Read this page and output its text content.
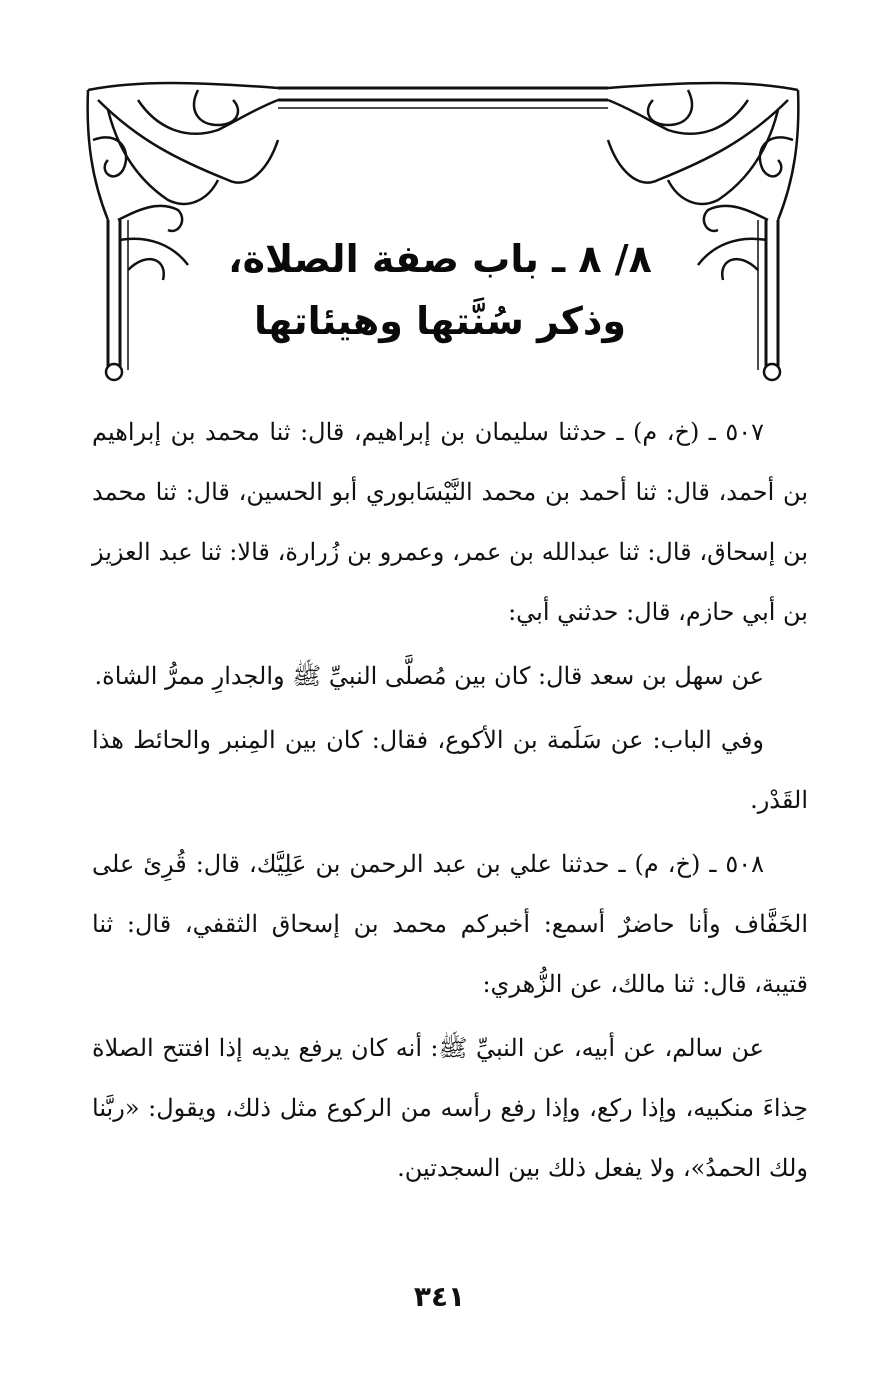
٨/ ٨ ـ باب صفة الصلاة،
وذكر سُنَّتها وهيئاتها

٥٠٧ ـ (خ، م) ـ حدثنا سليمان بن إبراهيم، قال: ثنا محمد بن إبراهيم بن أحمد، قال: ثنا أحمد بن محمد النَّيْسَابوري أبو الحسين، قال: ثنا محمد بن إسحاق، قال: ثنا عبدالله بن عمر، وعمرو بن زُرارة، قالا: ثنا عبد العزيز بن أبي حازم، قال: حدثني أبي:

عن سهل بن سعد قال: كان بين مُصلَّى النبيِّ ﷺ والجدارِ ممرُّ الشاة.

وفي الباب: عن سَلَمة بن الأكوع، فقال: كان بين المِنبر والحائط هذا القَدْر.

٥٠٨ ـ (خ، م) ـ حدثنا علي بن عبد الرحمن بن عَلِيَّك، قال: قُرِئ على الخَفَّاف وأنا حاضرٌ أسمع: أخبركم محمد بن إسحاق الثقفي، قال: ثنا قتيبة، قال: ثنا مالك، عن الزُّهري:

عن سالم، عن أبيه، عن النبيِّ ﷺ: أنه كان يرفع يديه إذا افتتح الصلاة حِذاءَ منكبيه، وإذا ركع، وإذا رفع رأسه من الركوع مثل ذلك، ويقول: «ربَّنا ولك الحمدُ»، ولا يفعل ذلك بين السجدتين.

٣٤١
